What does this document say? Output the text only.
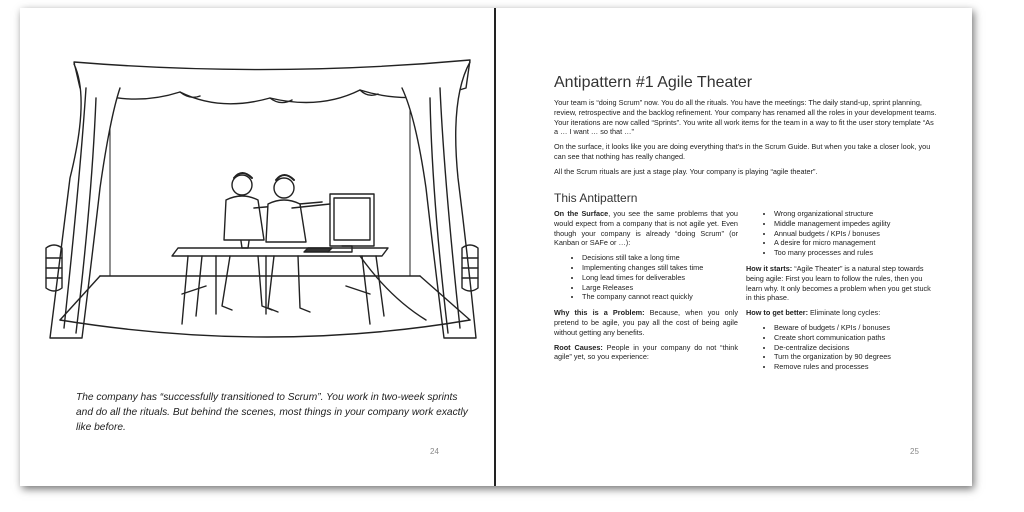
The company has “successfully transitioned to Scrum”. You work in two-week sprints and do all the rituals. But behind the scenes, most things in your company work exactly like before.
24
Antipattern #1 Agile Theater

Your team is “doing Scrum” now. You do all the rituals. You have the meetings: The daily stand-up, sprint planning, review, retrospective and the backlog refinement. Your company has renamed all the roles in your development teams. Your iterations are now called “Sprints”. You write all work items for the team in a way to fit the user story template “As a … I want … so that …”

On the surface, it looks like you are doing everything that’s in the Scrum Guide. But when you take a closer look, you can see that nothing has really changed.

All the Scrum rituals are just a stage play. Your company is playing “agile theater”.

This Antipattern

On the Surface, you see the same problems that you would expect from a company that is not agile yet. Even though your company is already “doing Scrum” (or Kanban or SAFe or …):

• Decisions still take a long time
• Implementing changes still takes time
• Long lead times for deliverables
• Large Releases
• The company cannot react quickly

Why this is a Problem: Because, when you only pretend to be agile, you pay all the cost of being agile without getting any benefits.

Root Causes: People in your company do not “think agile” yet, so you experience:

• Wrong organizational structure
• Middle management impedes agility
• Annual budgets / KPIs / bonuses
• A desire for micro management
• Too many processes and rules

How it starts: “Agile Theater” is a natural step towards being agile: First you learn to follow the rules, then you learn why. It only becomes a problem when you get stuck in this phase.

How to get better: Eliminate long cycles:

• Beware of budgets / KPIs / bonuses
• Create short communication paths
• De-centralize decisions
• Turn the organization by 90 degrees
• Remove rules and processes
25
